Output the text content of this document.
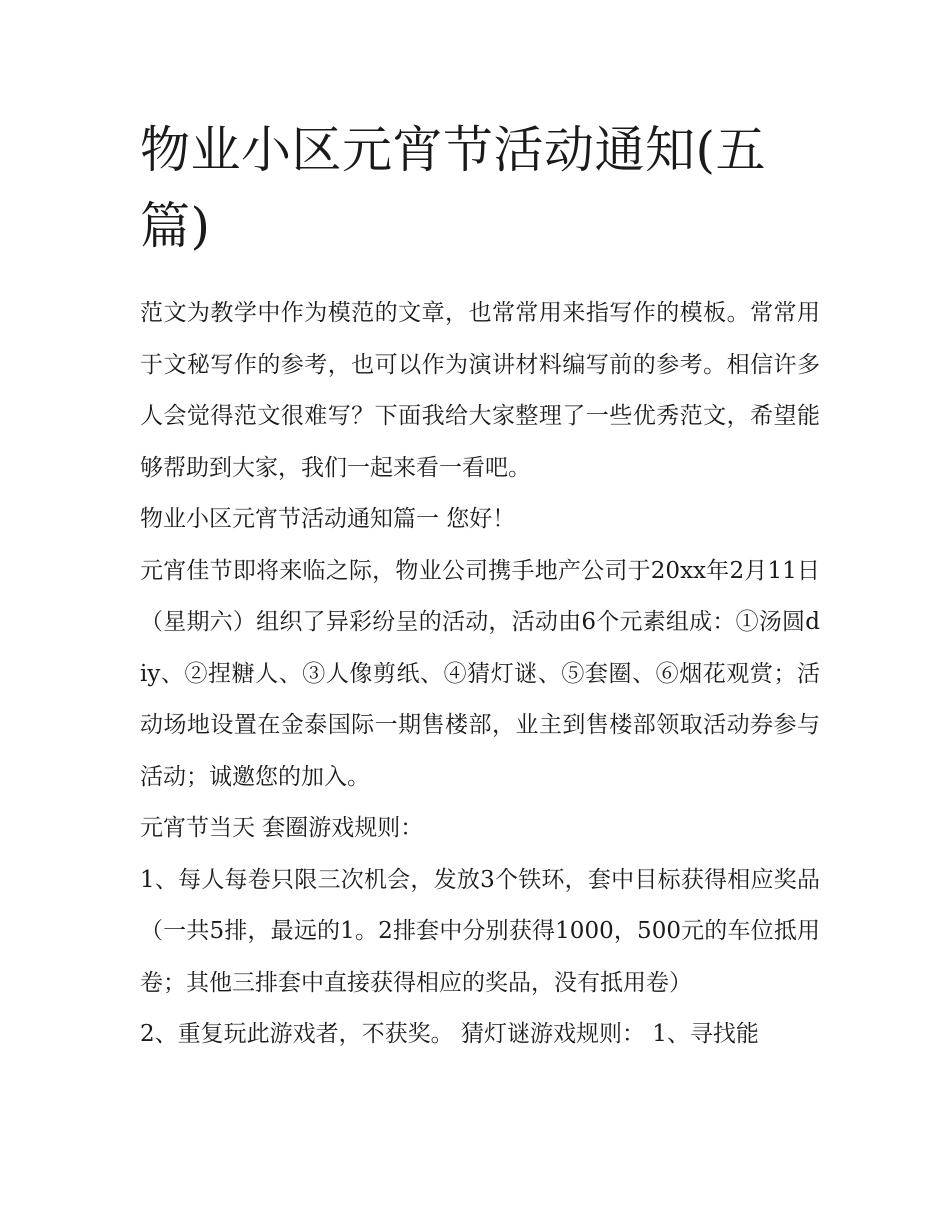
物业小区元宵节活动通知(五篇)

范文为教学中作为模范的文章，也常常用来指写作的模板。常常用于文秘写作的参考，也可以作为演讲材料编写前的参考。相信许多人会觉得范文很难写？下面我给大家整理了一些优秀范文，希望能够帮助到大家，我们一起来看一看吧。

物业小区元宵节活动通知篇一 您好！

元宵佳节即将来临之际，物业公司携手地产公司于20xx年2月11日（星期六）组织了异彩纷呈的活动，活动由6个元素组成：①汤圆diy、②捏糖人、③人像剪纸、④猜灯谜、⑤套圈、⑥烟花观赏；活动场地设置在金泰国际一期售楼部，业主到售楼部领取活动券参与活动；诚邀您的加入。

元宵节当天 套圈游戏规则：

1、每人每卷只限三次机会，发放3个铁环，套中目标获得相应奖品（一共5排，最远的1。2排套中分别获得1000，500元的车位抵用卷；其他三排套中直接获得相应的奖品，没有抵用卷）

2、重复玩此游戏者，不获奖。 猜灯谜游戏规则： 1、寻找能
